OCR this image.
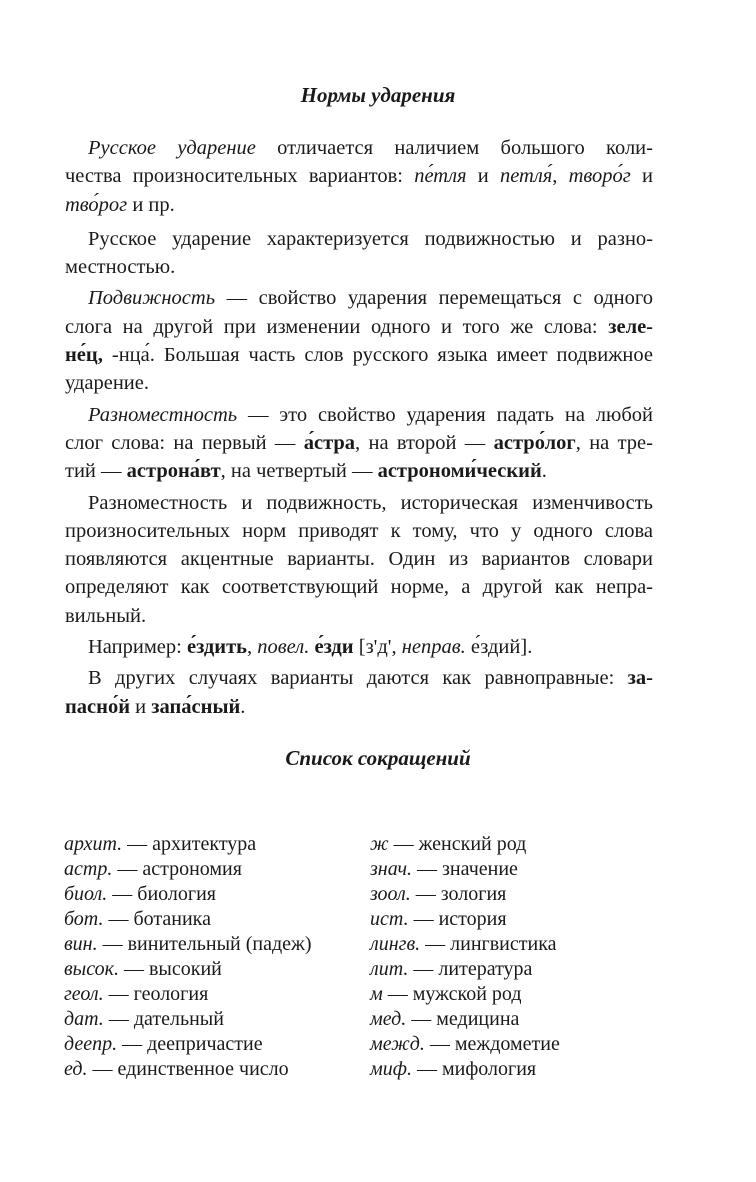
Нормы ударения
Русское ударение отличается наличием большого коли-
чества произносительных вариантов: пе́тля и петля́, творо́г и
тво́рог и пр.
Русское ударение характеризуется подвижностью и разно-
местностью.
Подвижность — свойство ударения перемещаться с одного
слога на другой при изменении одного и того же слова: зеле-
не́ц, -нца́. Большая часть слов русского языка имеет подвижное
ударение.
Разноместность — это свойство ударения падать на любой
слог слова: на первый — а́стра, на второй — астро́лог, на тре-
тий — астрона́вт, на четвертый — астрономи́ческий.
Разноместность и подвижность, историческая изменчивость
произносительных норм приводят к тому, что у одного слова
появляются акцентные варианты. Один из вариантов словари
определяют как соответствующий норме, а другой как непра-
вильный.
Например: е́здить, повел. е́зди [з'д', неправ. е́здий].
В других случаях варианты даются как равноправные: за-
пасно́й и запа́сный.
Список сокращений
архит. — архитектура
астр. — астрономия
биол. — биология
бот. — ботаника
вин. — винительный (падеж)
высок. — высокий
геол. — геология
дат. — дательный
деепр. — деепричастие
ед. — единственное число
ж — женский род
знач. — значение
зоол. — зология
ист. — история
лингв. — лингвистика
лит. — литература
м — мужской род
мед. — медицина
межд. — междометие
миф. — мифология
